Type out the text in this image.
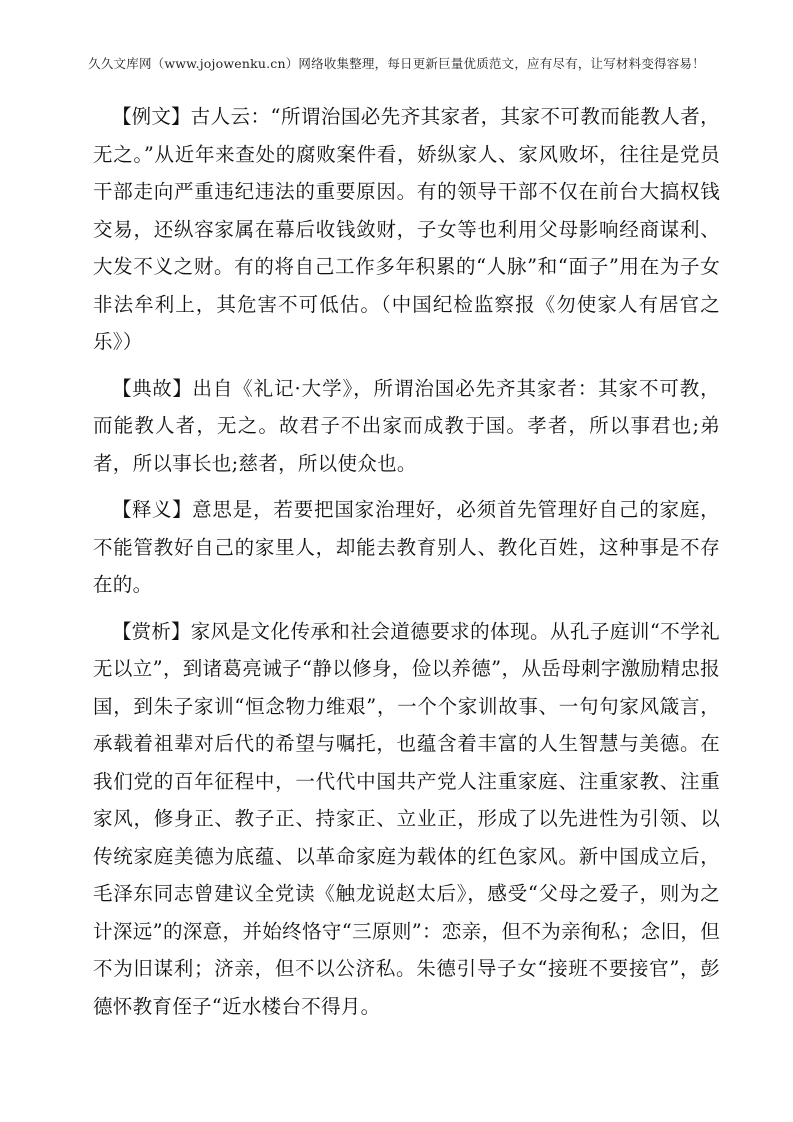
久久文库网（www.jojowenku.cn）网络收集整理，每日更新巨量优质范文，应有尽有，让写材料变得容易！

【例文】古人云：“所谓治国必先齐其家者，其家不可教而能教人者，无之。”从近年来查处的腐败案件看，娇纵家人、家风败坏，往往是党员干部走向严重违纪违法的重要原因。有的领导干部不仅在前台大搞权钱交易，还纵容家属在幕后收钱敛财，子女等也利用父母影响经商谋利、大发不义之财。有的将自己工作多年积累的“人脉”和“面子”用在为子女非法牟利上，其危害不可低估。（中国纪检监察报《勿使家人有居官之乐》）

【典故】出自《礼记·大学》，所谓治国必先齐其家者：其家不可教，而能教人者，无之。故君子不出家而成教于国。孝者，所以事君也;弟者，所以事长也;慈者，所以使众也。

【释义】意思是，若要把国家治理好，必须首先管理好自己的家庭，不能管教好自己的家里人，却能去教育别人、教化百姓，这种事是不存在的。

【赏析】家风是文化传承和社会道德要求的体现。从孔子庭训“不学礼无以立”，到诸葛亮诫子“静以修身，俭以养德”，从岳母刺字激励精忠报国，到朱子家训“恒念物力维艰”，一个个家训故事、一句句家风箴言，承载着祖辈对后代的希望与嘱托，也蕴含着丰富的人生智慧与美德。在我们党的百年征程中，一代代中国共产党人注重家庭、注重家教、注重家风，修身正、教子正、持家正、立业正，形成了以先进性为引领、以传统家庭美德为底蕴、以革命家庭为载体的红色家风。新中国成立后，毛泽东同志曾建议全党读《触龙说赵太后》，感受“父母之爱子，则为之计深远”的深意，并始终恪守“三原则”：恋亲，但不为亲徇私；念旧，但不为旧谋利；济亲，但不以公济私。朱德引导子女“接班不要接官”，彭德怀教育侄子“近水楼台不得月。
